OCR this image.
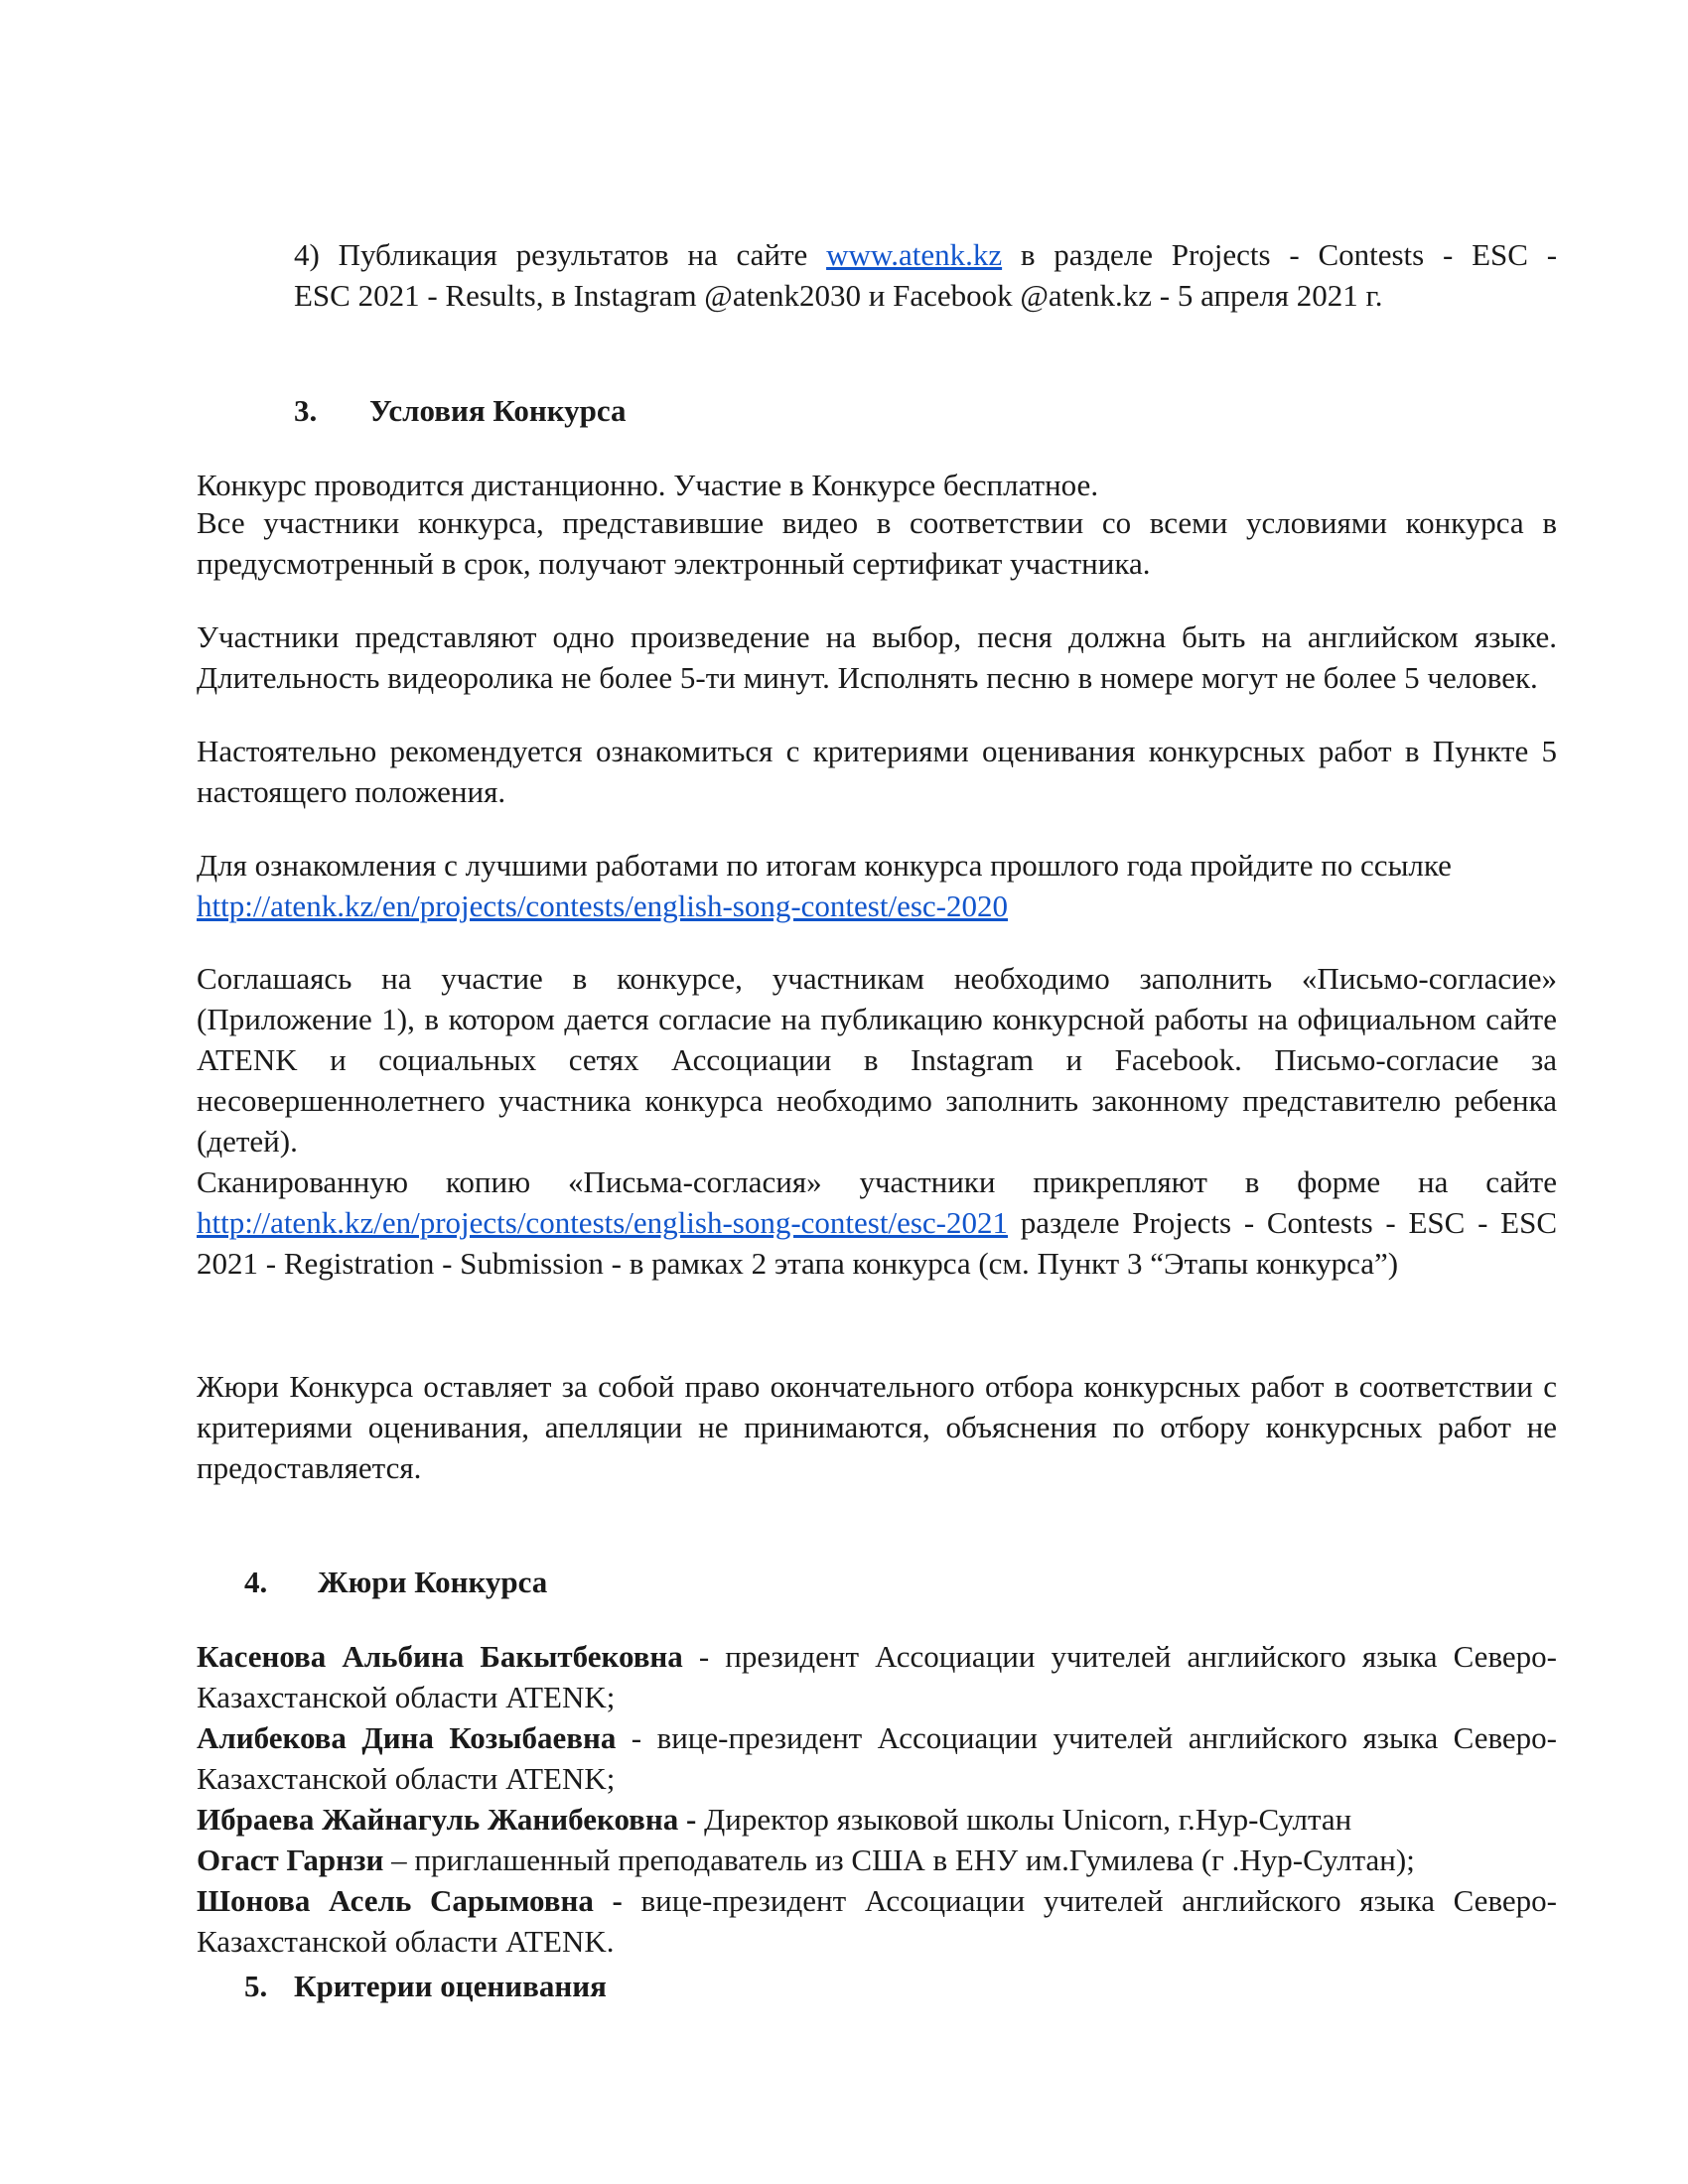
4) Публикация результатов на сайте www.atenk.kz в разделе Projects - Contests - ESC -
ESC 2021 - Results, в Instagram @atenk2030 и Facebook @atenk.kz - 5 апреля 2021 г.
3. Условия Конкурса
Конкурс проводится дистанционно. Участие в Конкурсе бесплатное.
Все участники конкурса, представившие видео в соответствии со всеми условиями конкурса в предусмотренный в срок, получают электронный сертификат участника.
Участники представляют одно произведение на выбор, песня должна быть на английском языке. Длительность видеоролика не более 5-ти минут. Исполнять песню в номере могут не более 5 человек.
Настоятельно рекомендуется ознакомиться с критериями оценивания конкурсных работ в Пункте 5 настоящего положения.
Для ознакомления с лучшими работами по итогам конкурса прошлого года пройдите по ссылке
http://atenk.kz/en/projects/contests/english-song-contest/esc-2020
Соглашаясь на участие в конкурсе, участникам необходимо заполнить «Письмо-согласие» (Приложение 1), в котором дается согласие на публикацию конкурсной работы на официальном сайте ATENK и социальных сетях Ассоциации в Instagram и Facebook. Письмо-согласие за несовершеннолетнего участника конкурса необходимо заполнить законному представителю ребенка (детей).
Сканированную копию «Письма-согласия» участники прикрепляют в форме на сайте http://atenk.kz/en/projects/contests/english-song-contest/esc-2021 разделе Projects - Contests - ESC - ESC 2021 - Registration - Submission - в рамках 2 этапа конкурса (см. Пункт 3 “Этапы конкурса”)
Жюри Конкурса оставляет за собой право окончательного отбора конкурсных работ в соответствии с критериями оценивания, апелляции не принимаются, объяснения по отбору конкурсных работ не предоставляется.
4. Жюри Конкурса
Касенова Альбина Бакытбековна - президент Ассоциации учителей английского языка Северо-Казахстанской области ATENK;
Алибекова Дина Козыбаевна - вице-президент Ассоциации учителей английского языка Северо-Казахстанской области ATENK;
Ибраева Жайнагуль Жанибековна - Директор языковой школы Unicorn, г.Нур-Султан
Огаст Гарнзи – приглашенный преподаватель из США в ЕНУ им.Гумилева (г .Нур-Султан);
Шонова Асель Сарымовна - вице-президент Ассоциации учителей английского языка Северо-Казахстанской области ATENK.
5. Критерии оценивания
